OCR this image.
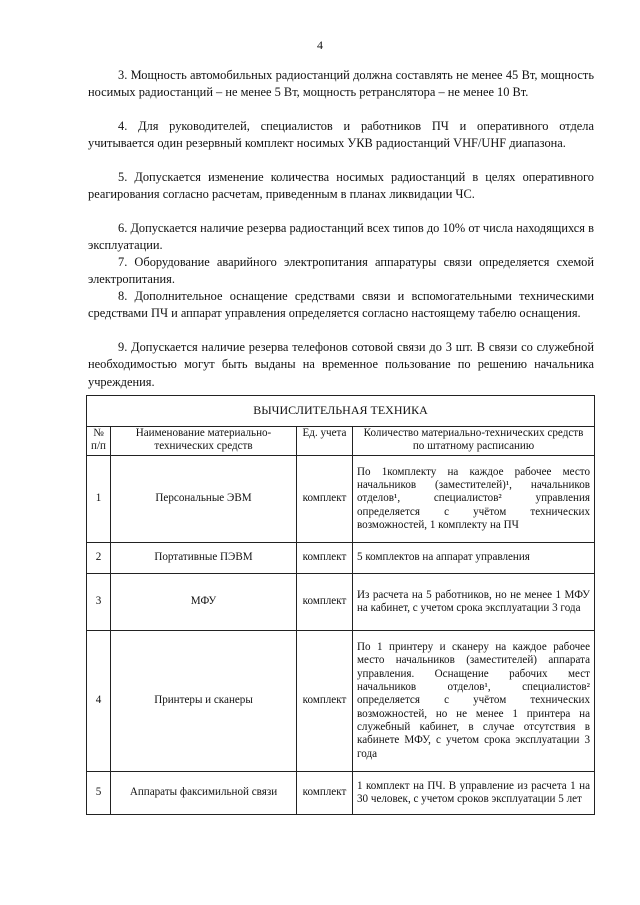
4
3. Мощность автомобильных радиостанций должна составлять не менее 45 Вт, мощность носимых радиостанций – не менее 5 Вт, мощность ретранслятора – не менее 10 Вт.
4. Для руководителей, специалистов и работников ПЧ и оперативного отдела учитывается один резервный комплект носимых УКВ радиостанций VHF/UHF диапазона.
5. Допускается изменение количества носимых радиостанций в целях оперативного реагирования согласно расчетам, приведенным в планах ликвидации ЧС.
6. Допускается наличие резерва радиостанций всех типов до 10% от числа находящихся в эксплуатации.
7. Оборудование аварийного электропитания аппаратуры связи определяется схемой электропитания.
8. Дополнительное оснащение средствами связи и вспомогательными техническими средствами ПЧ и аппарат управления определяется согласно настоящему табелю оснащения.
9. Допускается наличие резерва телефонов сотовой связи до 3 шт. В связи со служебной необходимостью могут быть выданы на временное пользование по решению начальника учреждения.
ВЫЧИСЛИТЕЛЬНАЯ ТЕХНИКА			
№ п/п	Наименование материально-технических средств	Ед. учета	Количество материально-технических средств по штатному расписанию
1	Персональные ЭВМ	комплект	По 1комплекту на каждое рабочее место начальников (заместителей)¹, начальников отделов¹, специалистов² управления определяется с учётом технических возможностей, 1 комплекту на ПЧ
2	Портативные ПЭВМ	комплект	5 комплектов на аппарат управления
3	МФУ	комплект	Из расчета на 5 работников, но не менее 1 МФУ на кабинет, с учетом срока эксплуатации 3 года
4	Принтеры и сканеры	комплект	По 1 принтеру и сканеру на каждое рабочее место начальников (заместителей) аппарата управления. Оснащение рабочих мест начальников отделов¹, специалистов² определяется с учётом технических возможностей, но не менее 1 принтера на служебный кабинет, в случае отсутствия в кабинете МФУ, с учетом срока эксплуатации 3 года
5	Аппараты факсимильной связи	комплект	1 комплект на ПЧ. В управление из расчета 1 на 30 человек, с учетом сроков эксплуатации 5 лет
